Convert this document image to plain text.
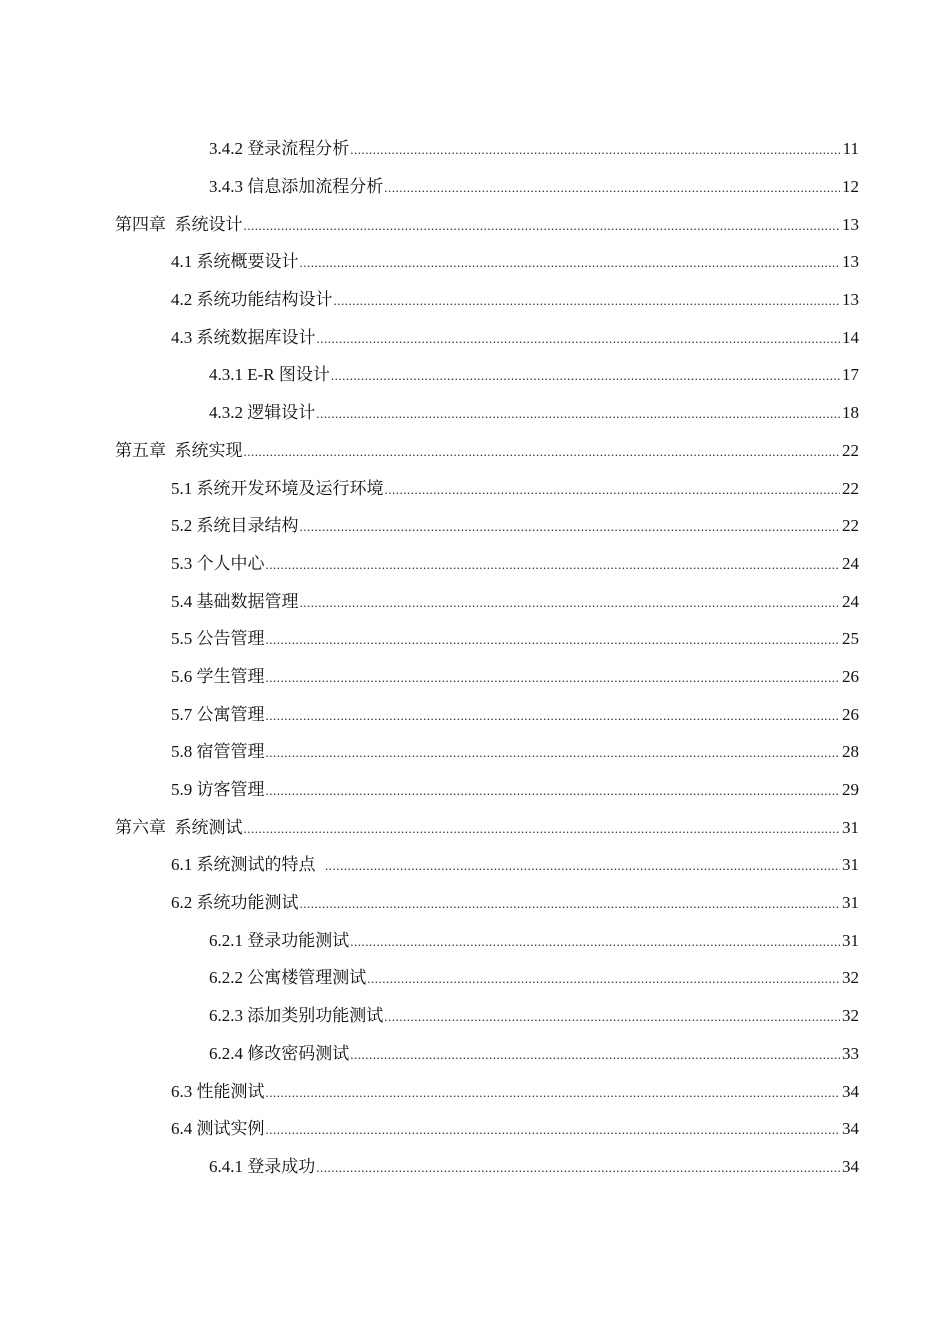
3.4.2 登录流程分析 .....	11
3.4.3 信息添加流程分析 .....	12
第四章  系统设计 .....	13
4.1 系统概要设计 .....	13
4.2 系统功能结构设计 .....	13
4.3 系统数据库设计 .....	14
4.3.1 E-R 图设计 .....	17
4.3.2 逻辑设计 .....	18
第五章  系统实现 .....	22
5.1 系统开发环境及运行环境 .....	22
5.2 系统目录结构 .....	22
5.3 个人中心 .....	24
5.4 基础数据管理 .....	24
5.5 公告管理 .....	25
5.6 学生管理 .....	26
5.7 公寓管理 .....	26
5.8 宿管管理 .....	28
5.9 访客管理 .....	29
第六章  系统测试 .....	31
6.1 系统测试的特点 .....	31
6.2 系统功能测试 .....	31
6.2.1 登录功能测试 .....	31
6.2.2 公寓楼管理测试 .....	32
6.2.3 添加类别功能测试 .....	32
6.2.4 修改密码测试 .....	33
6.3 性能测试 .....	34
6.4 测试实例 .....	34
6.4.1 登录成功 .....	34
